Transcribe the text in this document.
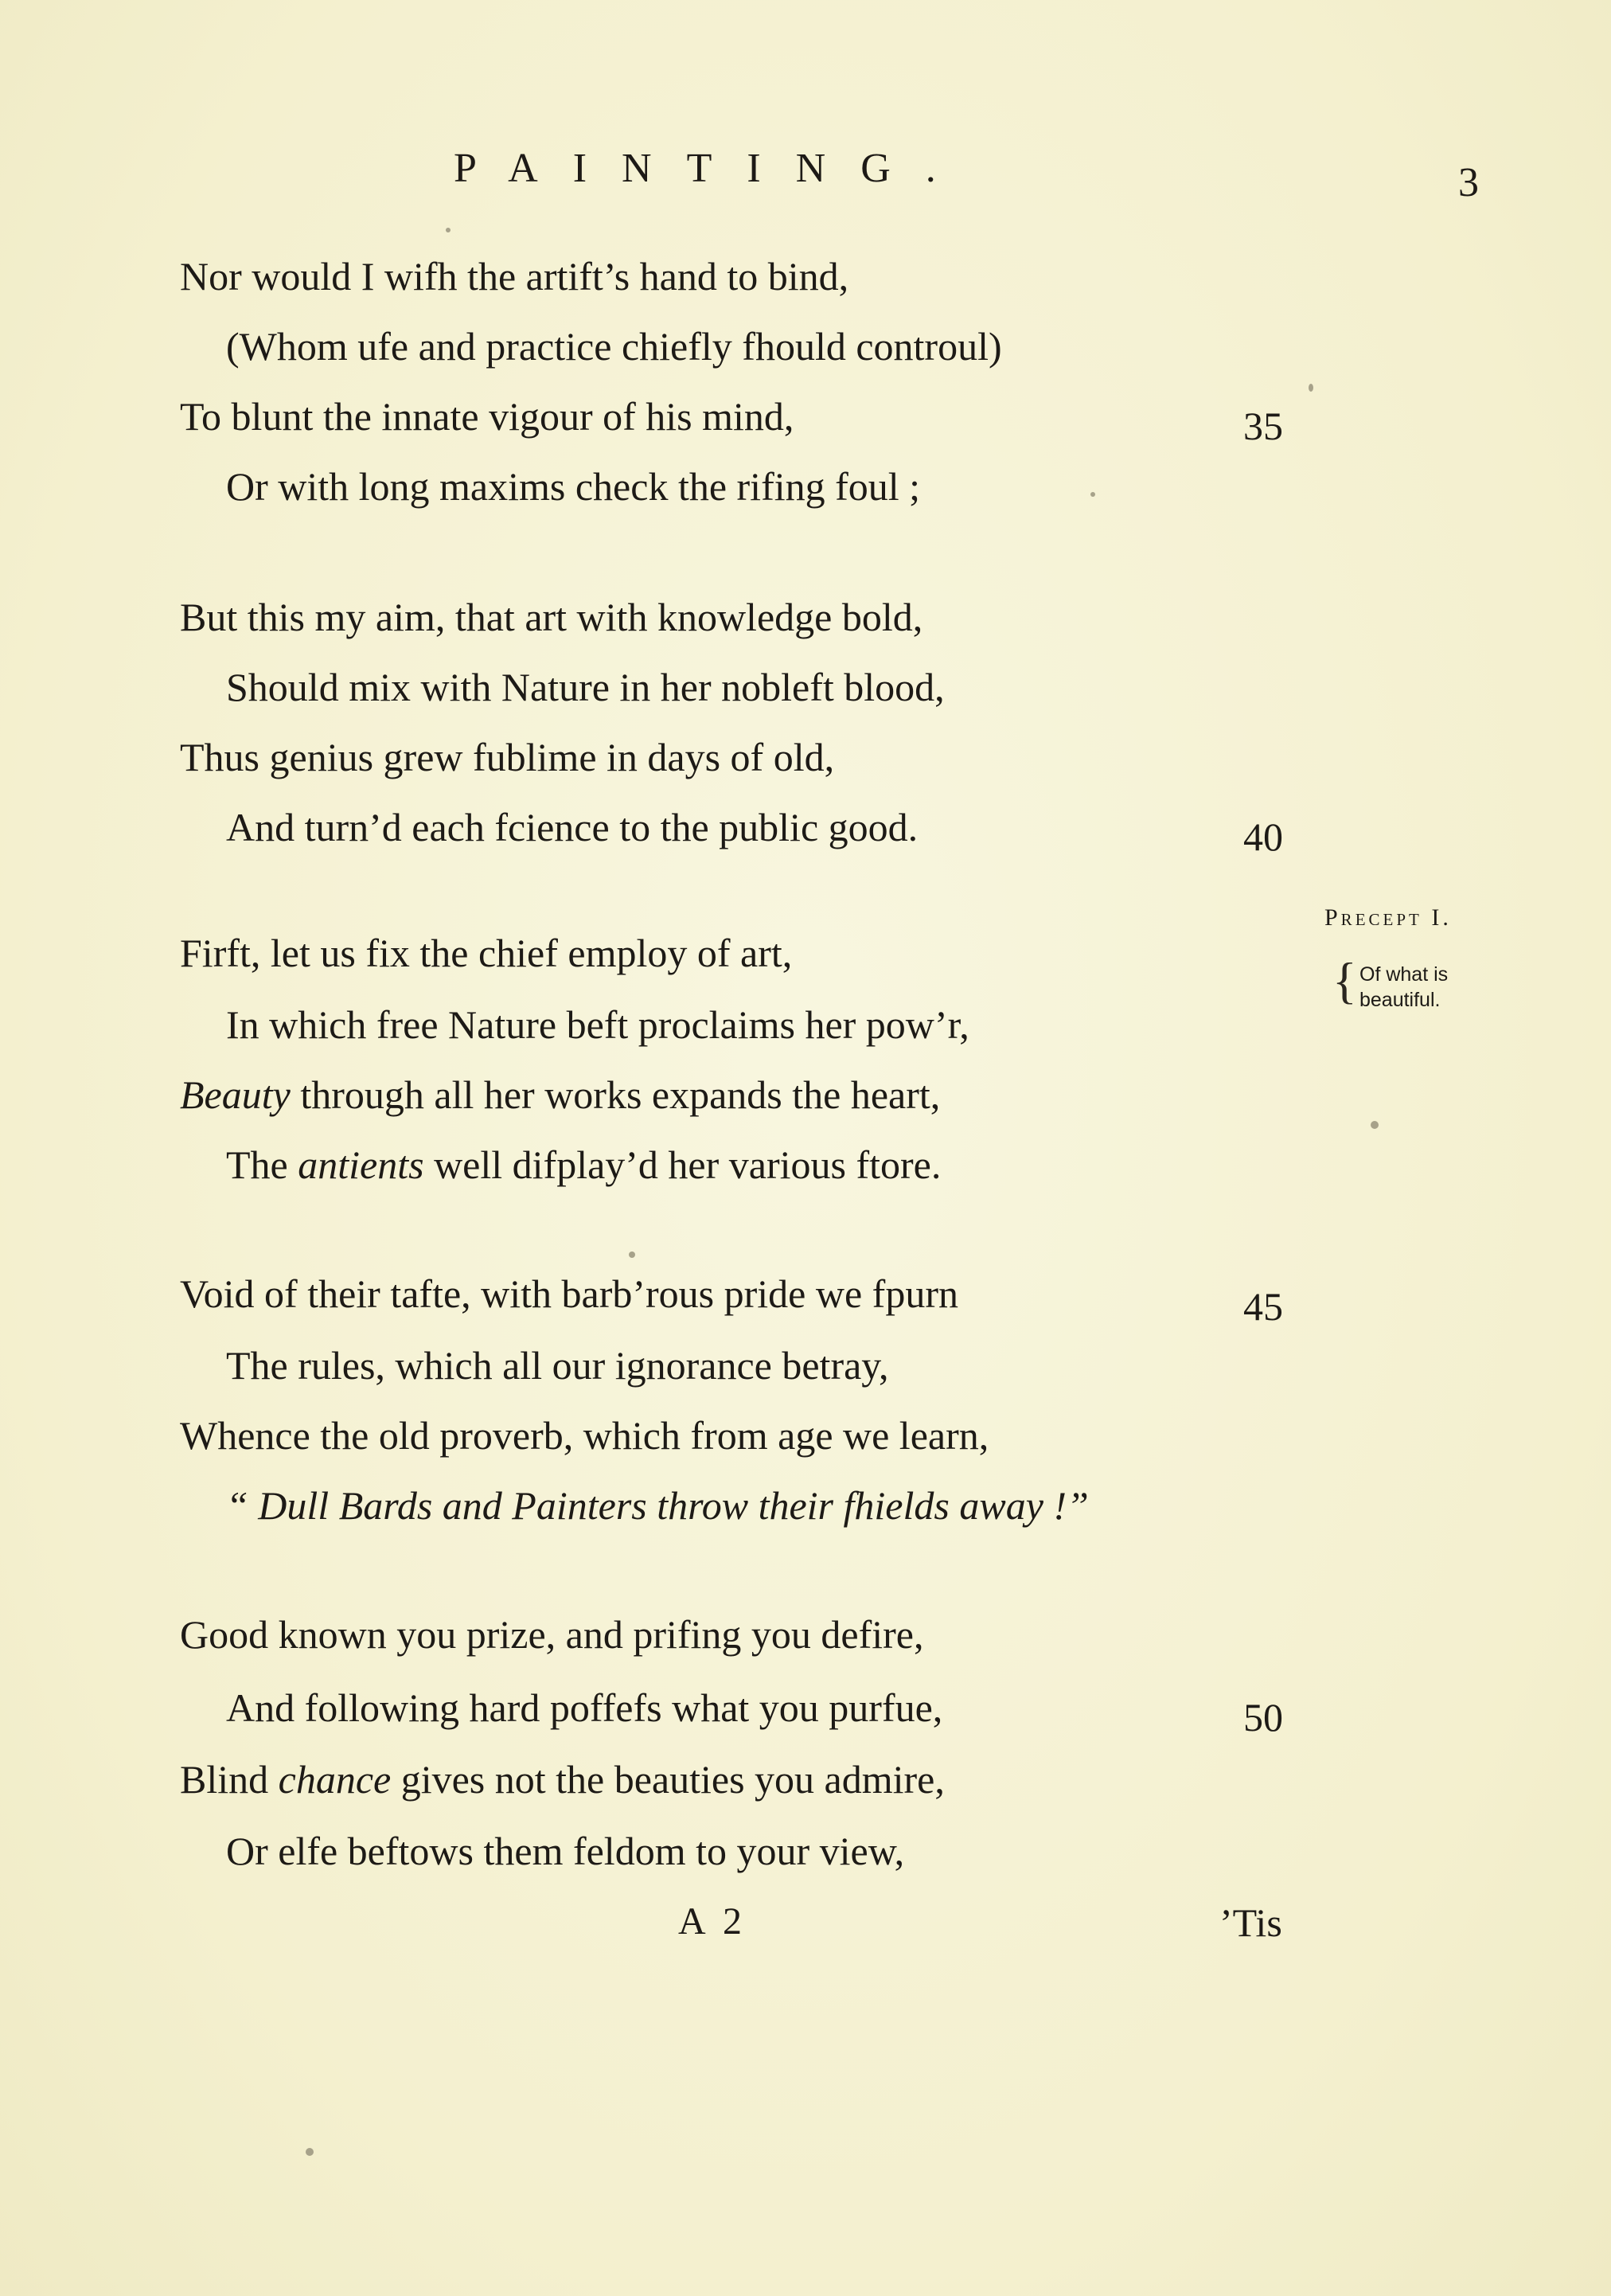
PAINTING.	3
Nor would I wifh the artift’s hand to bind,
(Whom ufe and practice chiefly fhould controul)
To blunt the innate vigour of his mind,	35
Or with long maxims check the rifing foul ;
But this my aim, that art with knowledge bold,
Should mix with Nature in her nobleft blood,
Thus genius grew fublime in days of old,
And turn’d each fcience to the public good.	40
Firft, let us fix the chief employ of art,
In which free Nature beft proclaims her pow’r,
Beauty through all her works expands the heart,
The antients well difplay’d her various ftore.
Precept I.
{ Of what is
beautiful.
Void of their tafte, with barb’rous pride we fpurn	45
The rules, which all our ignorance betray,
Whence the old proverb, which from age we learn,
“ Dull Bards and Painters throw their fhields away !”
Good known you prize, and prifing you defire,
And following hard poffefs what you purfue,	50
Blind chance gives not the beauties you admire,
Or elfe beftows them feldom to your view,
A 2	’Tis
